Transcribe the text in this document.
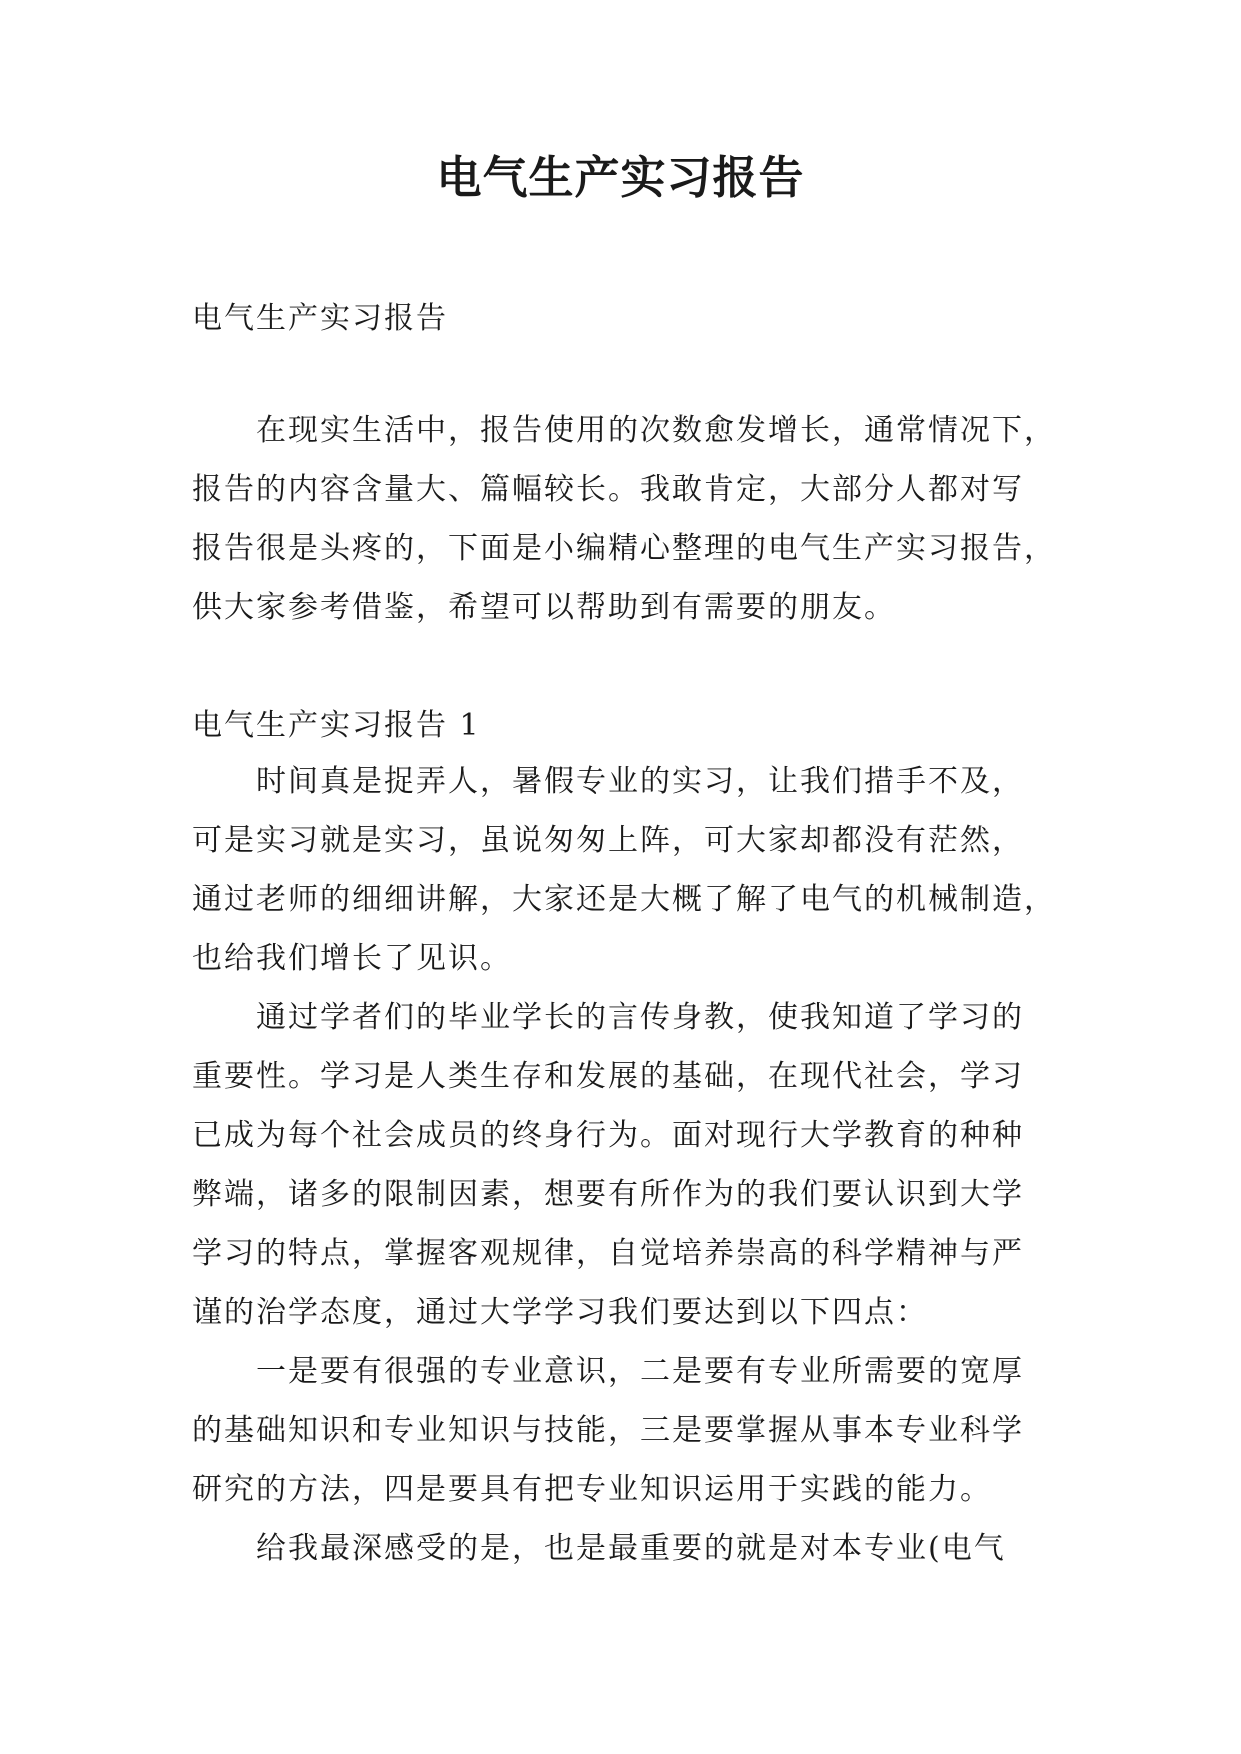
电气生产实习报告

电气生产实习报告

在现实生活中，报告使用的次数愈发增长，通常情况下，
报告的内容含量大、篇幅较长。我敢肯定，大部分人都对写
报告很是头疼的，下面是小编精心整理的电气生产实习报告，
供大家参考借鉴，希望可以帮助到有需要的朋友。

电气生产实习报告 1

时间真是捉弄人，暑假专业的实习，让我们措手不及，
可是实习就是实习，虽说匆匆上阵，可大家却都没有茫然，
通过老师的细细讲解，大家还是大概了解了电气的机械制造，
也给我们增长了见识。

通过学者们的毕业学长的言传身教，使我知道了学习的
重要性。学习是人类生存和发展的基础，在现代社会，学习
已成为每个社会成员的终身行为。面对现行大学教育的种种
弊端，诸多的限制因素，想要有所作为的我们要认识到大学
学习的特点，掌握客观规律，自觉培养崇高的科学精神与严
谨的治学态度，通过大学学习我们要达到以下四点：

一是要有很强的专业意识，二是要有专业所需要的宽厚
的基础知识和专业知识与技能，三是要掌握从事本专业科学
研究的方法，四是要具有把专业知识运用于实践的能力。

给我最深感受的是，也是最重要的就是对本专业(电气
